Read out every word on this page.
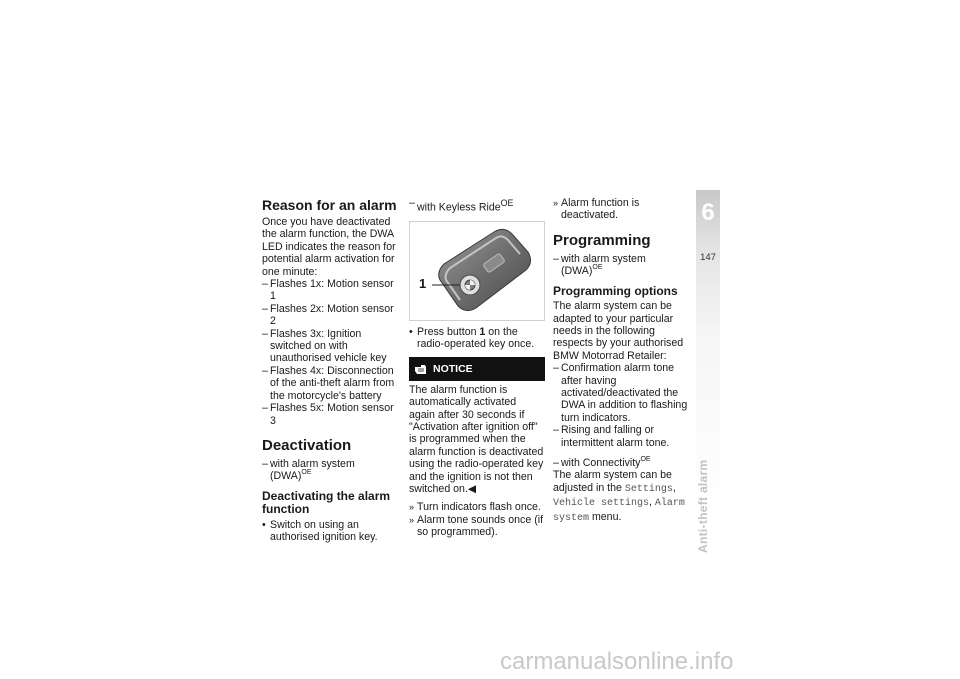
Reason for an alarm

Once you have deactivated the alarm function, the DWA LED indicates the reason for potential alarm activation for one minute:

– Flashes 1x: Motion sensor 1
– Flashes 2x: Motion sensor 2
– Flashes 3x: Ignition switched on with unauthorised vehicle key
– Flashes 4x: Disconnection of the anti-theft alarm from the motorcycle's battery
– Flashes 5x: Motion sensor 3
Deactivation
– with alarm system (DWA)$^{OE}$
Deactivating the alarm function
• Switch on using an authorised ignition key.
– with Keyless Ride$^{OE}$
1
• Press button 1 on the radio-operated key once.
NOTICE

The alarm function is automatically activated again after 30 seconds if "Activation after ignition off" is programmed when the alarm function is deactivated using the radio-operated key and the ignition is not then switched on.◀

» Turn indicators flash once.
» Alarm tone sounds once (if so programmed).
» Alarm function is deactivated.
Programming
– with alarm system (DWA)$^{OE}$
Programming options

The alarm system can be adapted to your particular needs in the following respects by your authorised BMW Motorrad Retailer:

– Confirmation alarm tone after having activated/deactivated the DWA in addition to flashing turn indicators.
– Rising and falling or intermittent alarm tone.
– with Connectivity$^{OE}$

The alarm system can be adjusted in the Settings, Vehicle settings, Alarm system menu.

6
147
Anti-theft alarm
carmanualsonline.info
